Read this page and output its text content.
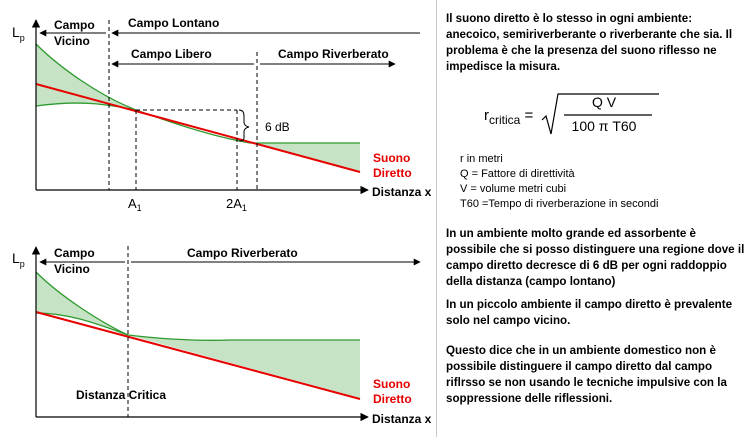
$L_p$
Campo
Vicino
Campo Lontano
Campo Libero	Campo Riverberato
6 dB
Suono
Diretto
Distanza x
$A_1$	$2A_1$
$L_p$
Campo
Vicino
Campo Riverberato
Distanza Critica
Suono
Diretto
Distanza x
Il suono diretto è lo stesso in ogni ambiente: anecoico, semiriverberante o riverberante che sia. Il problema è che la presenza del suono riflesso ne impedisce la misura.
$r_{critica}$ =
Q V
100 π T60
r in metri
Q = Fattore di direttività
V = volume metri cubi
T60 =Tempo di riverberazione in secondi
In un ambiente molto grande ed assorbente è possibile che si posso distinguere una regione dove il campo diretto decresce di 6 dB per ogni raddoppio della distanza (campo lontano)
In un piccolo ambiente il campo diretto è prevalente solo nel campo vicino.
Questo dice che in un ambiente domestico non è possibile distinguere il campo diretto dal campo riflrsso se non usando le tecniche impulsive con la soppressione delle riflessioni.
